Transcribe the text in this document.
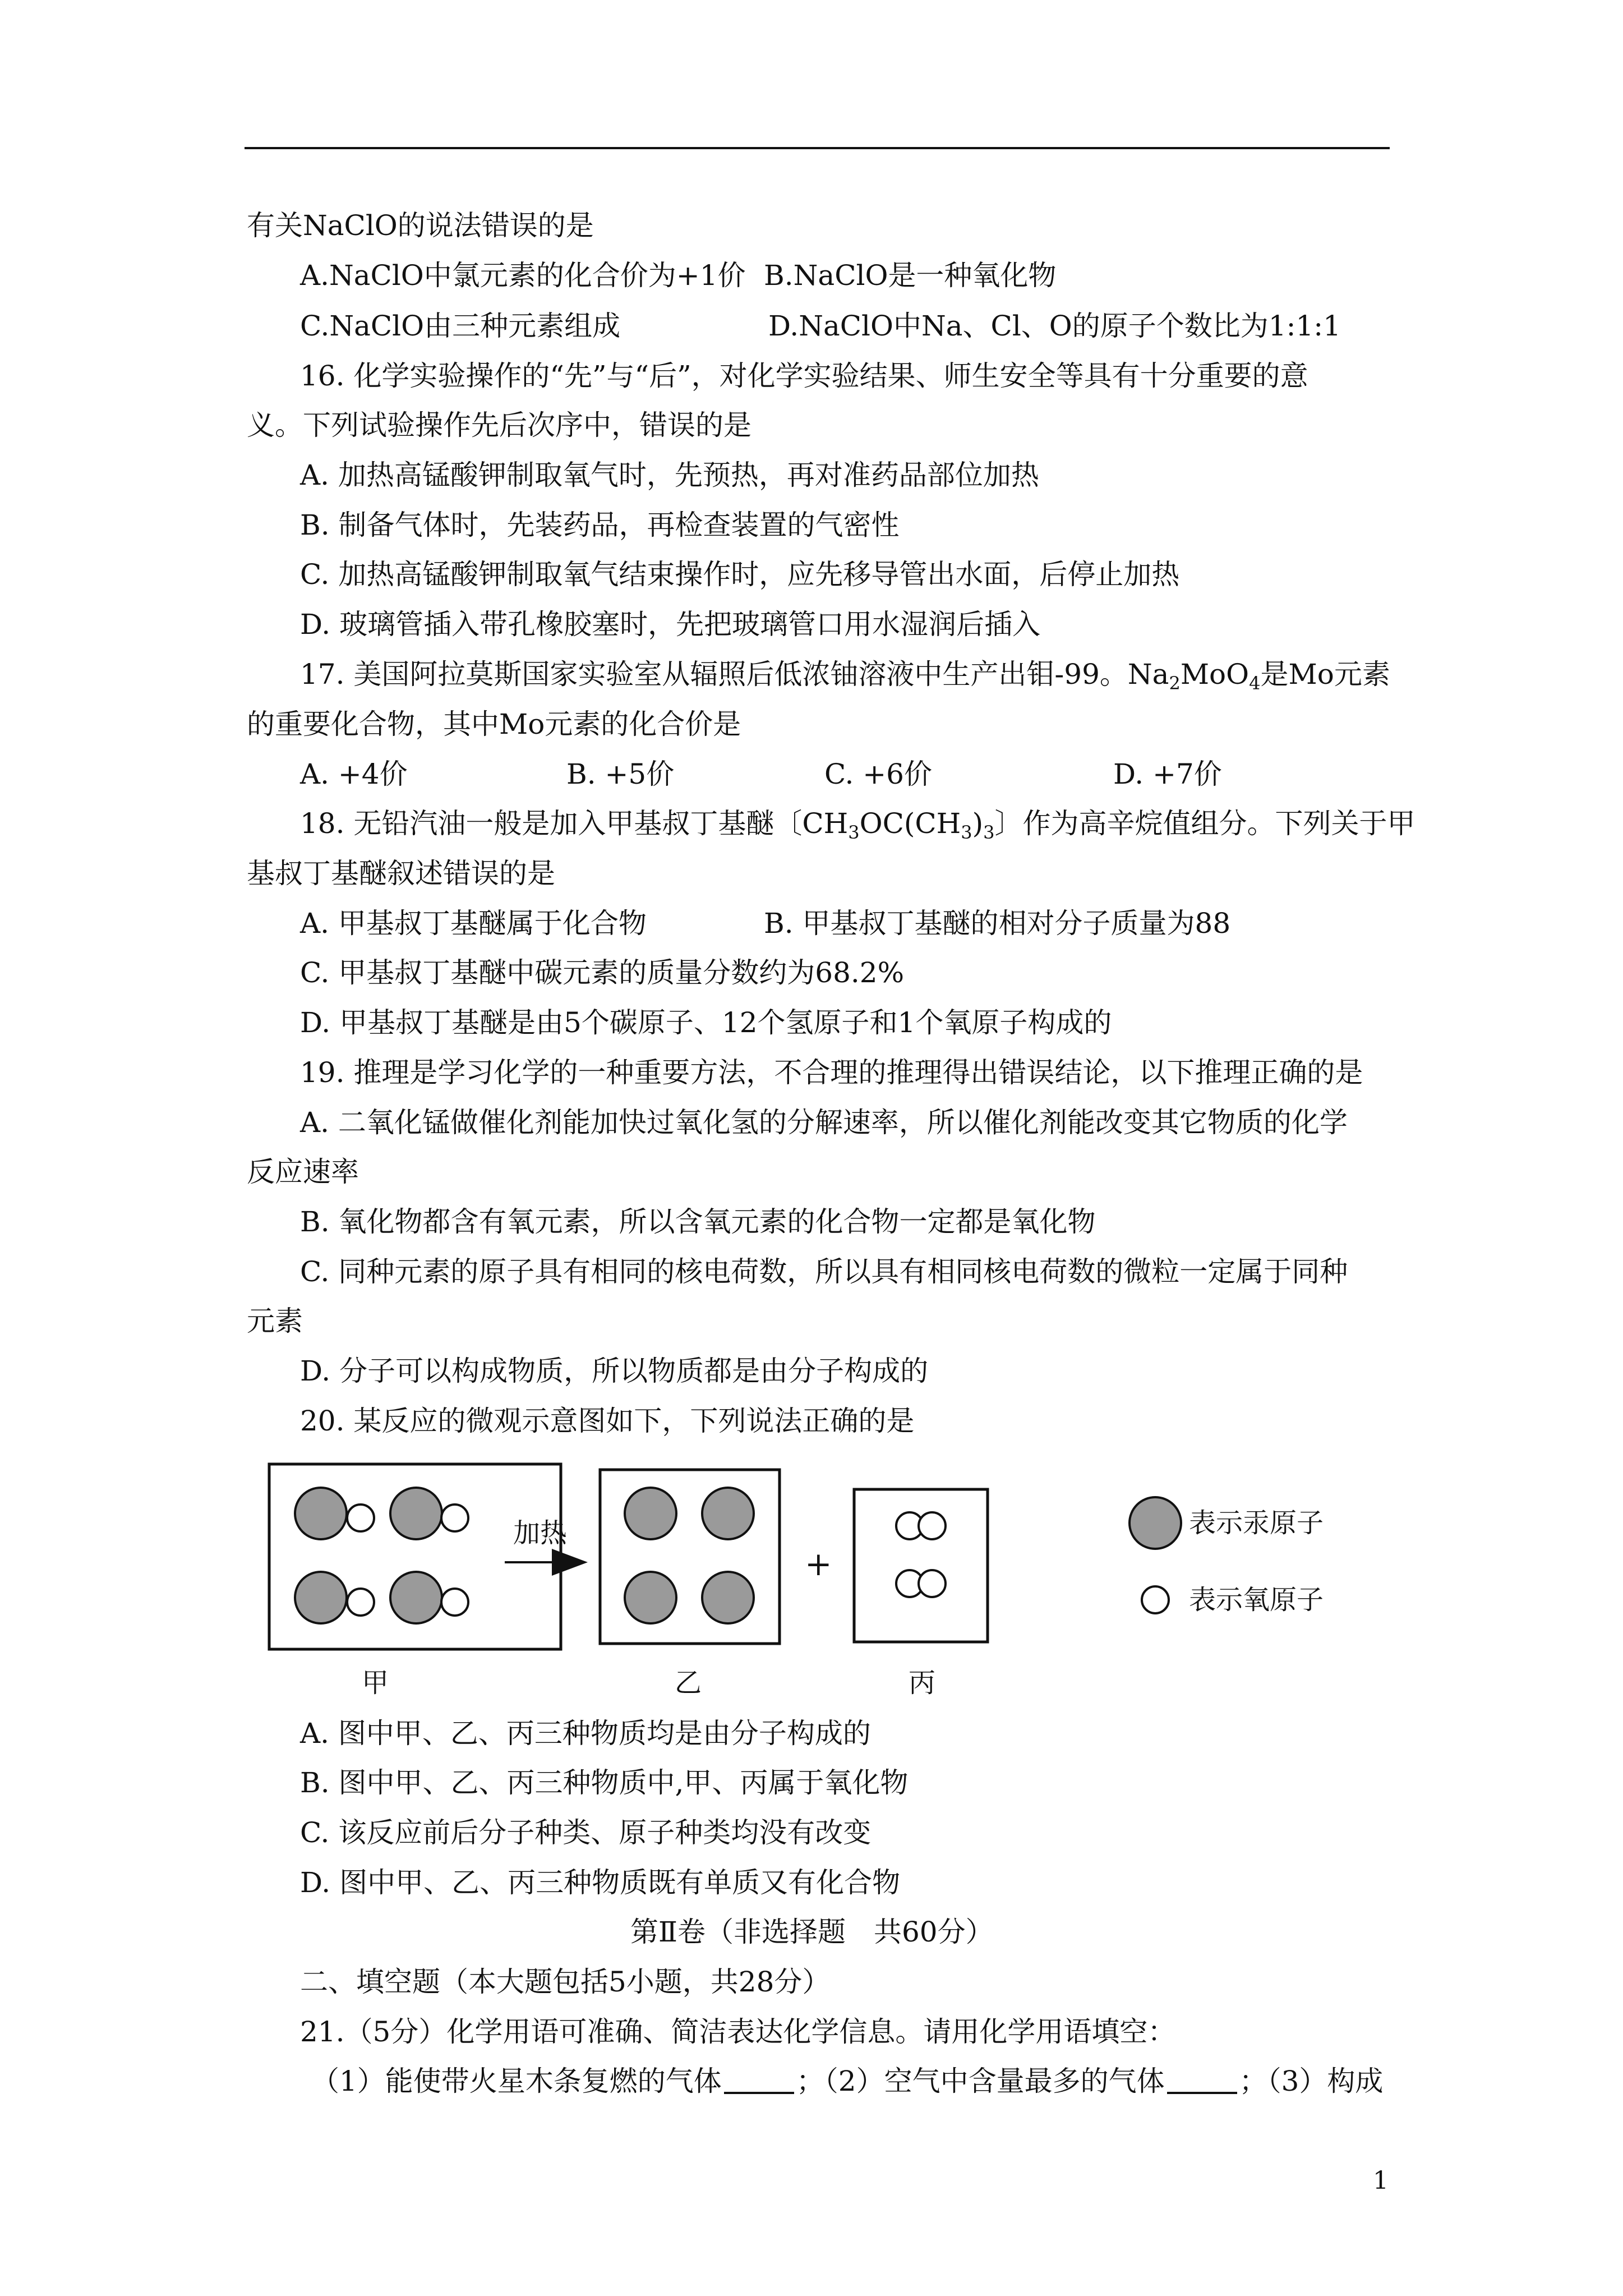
有关NaClO的说法错误的是
A.NaClO中氯元素的化合价为+1价 B.NaClO是一种氧化物
C.NaClO由三种元素组成	D.NaClO中Na、Cl、O的原子个数比为1:1:1
16. 化学实验操作的“先”与“后”，对化学实验结果、师生安全等具有十分重要的意
义。下列试验操作先后次序中，错误的是
A. 加热高锰酸钾制取氧气时，先预热，再对准药品部位加热
B. 制备气体时，先装药品，再检查装置的气密性
C. 加热高锰酸钾制取氧气结束操作时，应先移导管出水面，后停止加热
D. 玻璃管插入带孔橡胶塞时，先把玻璃管口用水湿润后插入
17. 美国阿拉莫斯国家实验室从辐照后低浓铀溶液中生产出钼-99。$Na_2MoO_4$是Mo元素
的重要化合物，其中Mo元素的化合价是
A. +4价	B. +5价	C. +6价	D. +7价
18. 无铅汽油一般是加入甲基叔丁基醚〔$CH_3OC(CH_3)_3$〕作为高辛烷值组分。下列关于甲
基叔丁基醚叙述错误的是
A. 甲基叔丁基醚属于化合物	B. 甲基叔丁基醚的相对分子质量为88
C. 甲基叔丁基醚中碳元素的质量分数约为68.2%
D. 甲基叔丁基醚是由5个碳原子、12个氢原子和1个氧原子构成的
19. 推理是学习化学的一种重要方法，不合理的推理得出错误结论，以下推理正确的是
A. 二氧化锰做催化剂能加快过氧化氢的分解速率，所以催化剂能改变其它物质的化学
反应速率
B. 氧化物都含有氧元素，所以含氧元素的化合物一定都是氧化物
C. 同种元素的原子具有相同的核电荷数，所以具有相同核电荷数的微粒一定属于同种
元素
D. 分子可以构成物质，所以物质都是由分子构成的
20. 某反应的微观示意图如下，下列说法正确的是
加热
+
表示汞原子
表示氧原子
甲	乙	丙
A. 图中甲、乙、丙三种物质均是由分子构成的
B. 图中甲、乙、丙三种物质中,甲、丙属于氧化物
C. 该反应前后分子种类、原子种类均没有改变
D. 图中甲、乙、丙三种物质既有单质又有化合物
第Ⅱ卷（非选择题　共60分）
二、填空题（本大题包括5小题，共28分）
21.（5分）化学用语可准确、简洁表达化学信息。请用化学用语填空：
（1）能使带火星木条复燃的气体	；（2）空气中含量最多的气体	；（3）构成
1
